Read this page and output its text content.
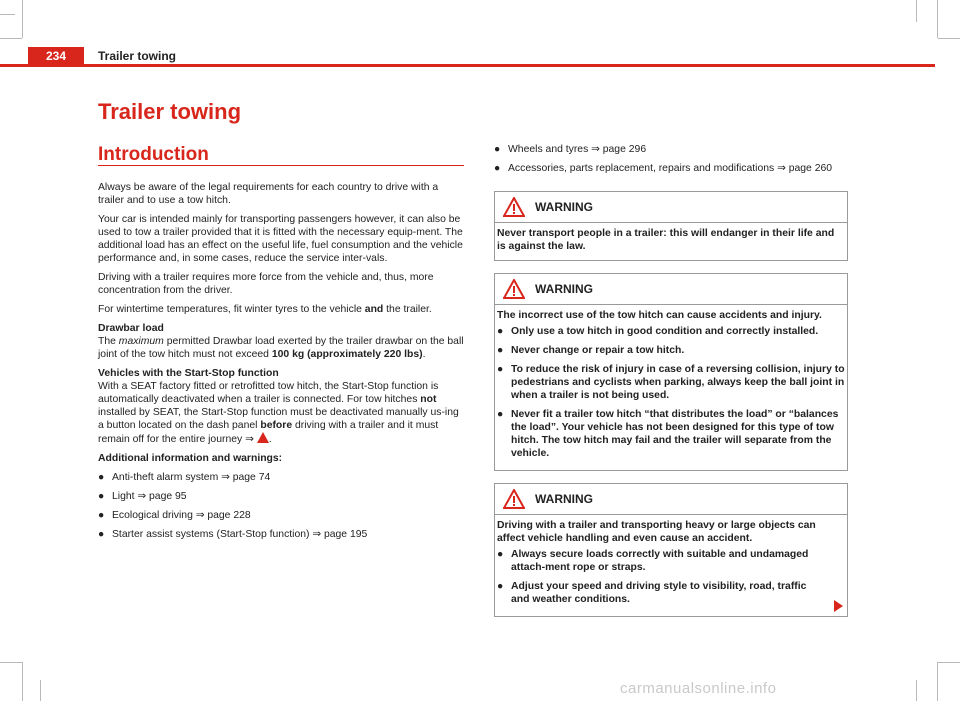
234	Trailer towing
Trailer towing
Introduction

Always be aware of the legal requirements for each country to drive with a trailer and to use a tow hitch.

Your car is intended mainly for transporting passengers however, it can also be used to tow a trailer provided that it is fitted with the necessary equip-ment. The additional load has an effect on the useful life, fuel consumption and the vehicle performance and, in some cases, reduce the service inter-vals.

Driving with a trailer requires more force from the vehicle and, thus, more concentration from the driver.

For wintertime temperatures, fit winter tyres to the vehicle and the trailer.

Drawbar load

The maximum permitted Drawbar load exerted by the trailer drawbar on the ball joint of the tow hitch must not exceed 100 kg (approximately 220 lbs).

Vehicles with the Start-Stop function

With a SEAT factory fitted or retrofitted tow hitch, the Start-Stop function is automatically deactivated when a trailer is connected. For tow hitches not installed by SEAT, the Start-Stop function must be deactivated manually us-ing a button located on the dash panel before driving with a trailer and it must remain off for the entire journey ⇒ .

Additional information and warnings:

● Anti-theft alarm system ⇒ page 74
● Light ⇒ page 95
● Ecological driving ⇒ page 228
● Starter assist systems (Start-Stop function) ⇒ page 195
● Wheels and tyres ⇒ page 296
● Accessories, parts replacement, repairs and modifications ⇒ page 260
WARNING
Never transport people in a trailer: this will endanger in their life and is against the law.
WARNING
The incorrect use of the tow hitch can cause accidents and injury.
● Only use a tow hitch in good condition and correctly installed.
● Never change or repair a tow hitch.
● To reduce the risk of injury in case of a reversing collision, injury to pedestrians and cyclists when parking, always keep the ball joint in when a trailer is not being used.
● Never fit a trailer tow hitch “that distributes the load” or “balances the load”. Your vehicle has not been designed for this type of tow hitch. The tow hitch may fail and the trailer will separate from the vehicle.
WARNING
Driving with a trailer and transporting heavy or large objects can affect vehicle handling and even cause an accident.
● Always secure loads correctly with suitable and undamaged attach-ment rope or straps.
● Adjust your speed and driving style to visibility, road, traffic and weather conditions.
carmanualsonline.info
